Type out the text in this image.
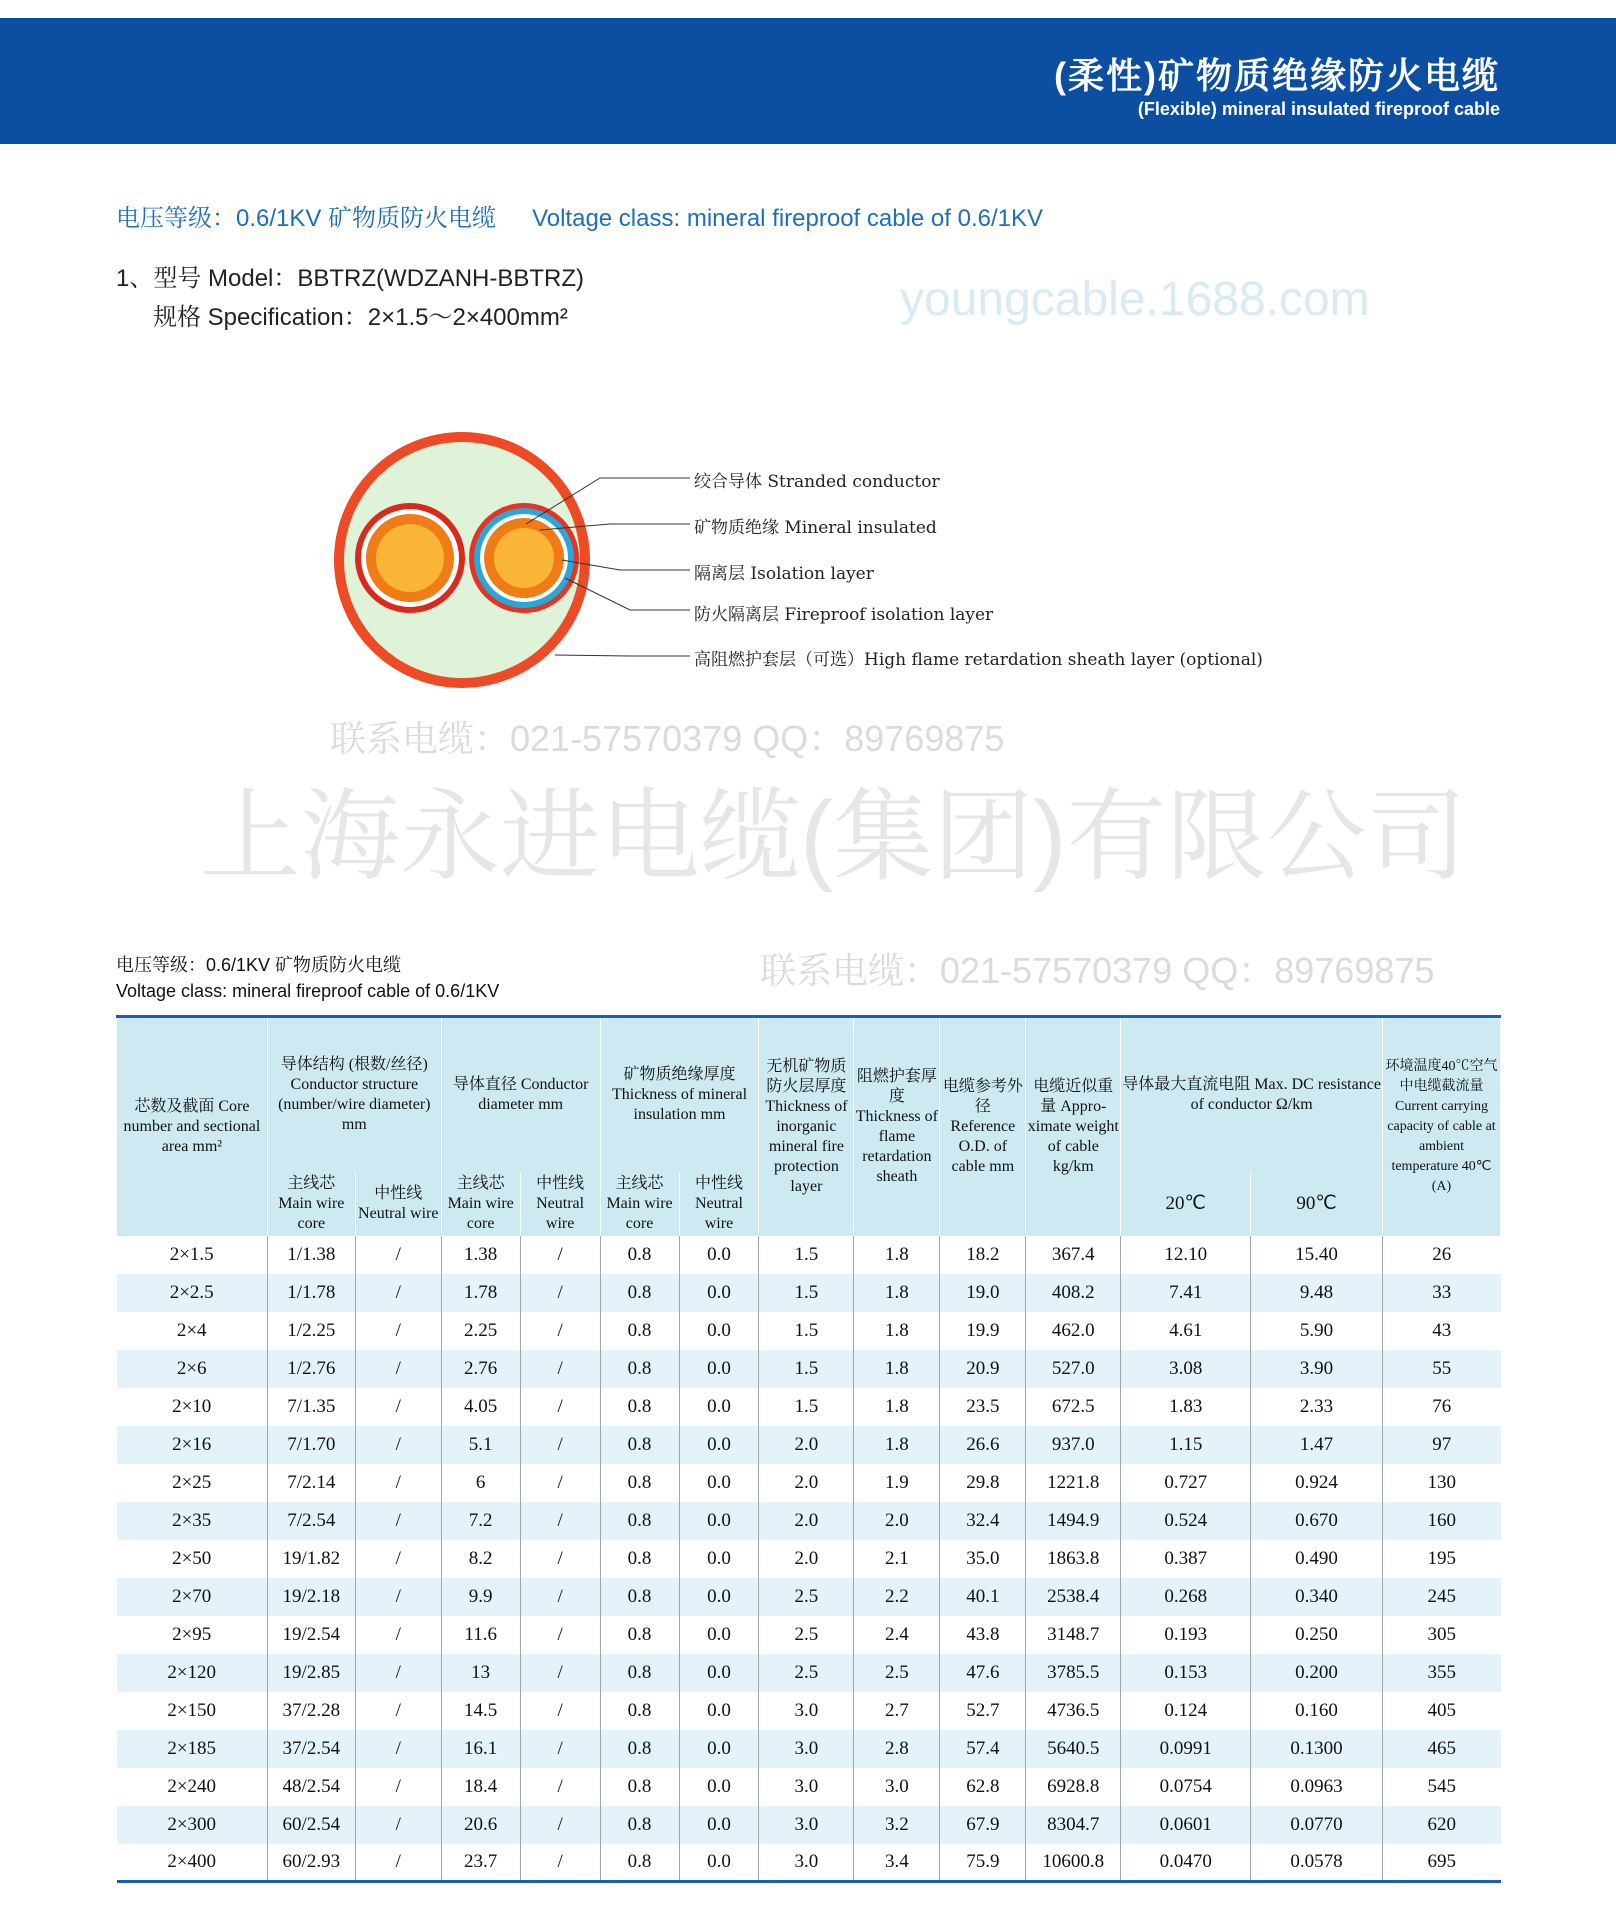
(柔性)矿物质绝缘防火电缆
(Flexible) mineral insulated fireproof cable
电压等级：0.6/1KV 矿物质防火电缆 Voltage class: mineral fireproof cable of 0.6/1KV
1、型号 Model：BBTRZ(WDZANH-BBTRZ)
规格 Specification：2×1.5～2×400mm²
绞合导体 Stranded conductor
矿物质绝缘 Mineral insulated
隔离层 Isolation layer
防火隔离层 Fireproof isolation layer
高阻燃护套层（可选）High flame retardation sheath layer (optional)
电压等级：0.6/1KV 矿物质防火电缆
Voltage class: mineral fireproof cable of 0.6/1KV
芯数及截面 Core number and sectional area mm²	导体结构 (根数/丝径) Conductor structure (number/wire diameter) mm		导体直径 Conductor diameter mm		矿物质绝缘厚度 Thickness of mineral insulation mm		无机矿物质防火层厚度 Thickness of inorganic mineral fire protection layer	阻燃护套厚度 Thickness of flame retardation sheath	电缆参考外径 Reference O.D. of cable mm	电缆近似重量 Appro-ximate weight of cable kg/km	导体最大直流电阻 Max. DC resistance of conductor Ω/km		环境温度40℃空气中电缆截流量 Current carrying capacity of cable at ambient temperature 40℃ (A)
	主线芯 Main wire core	中性线 Neutral wire	主线芯 Main wire core	中性线 Neutral wire	主线芯 Main wire core	中性线 Neutral wire					20℃	90℃	
2×1.5	1/1.38	/	1.38	/	0.8	0.0	1.5	1.8	18.2	367.4	12.10	15.40	26
2×2.5	1/1.78	/	1.78	/	0.8	0.0	1.5	1.8	19.0	408.2	7.41	9.48	33
2×4	1/2.25	/	2.25	/	0.8	0.0	1.5	1.8	19.9	462.0	4.61	5.90	43
2×6	1/2.76	/	2.76	/	0.8	0.0	1.5	1.8	20.9	527.0	3.08	3.90	55
2×10	7/1.35	/	4.05	/	0.8	0.0	1.5	1.8	23.5	672.5	1.83	2.33	76
2×16	7/1.70	/	5.1	/	0.8	0.0	2.0	1.8	26.6	937.0	1.15	1.47	97
2×25	7/2.14	/	6	/	0.8	0.0	2.0	1.9	29.8	1221.8	0.727	0.924	130
2×35	7/2.54	/	7.2	/	0.8	0.0	2.0	2.0	32.4	1494.9	0.524	0.670	160
2×50	19/1.82	/	8.2	/	0.8	0.0	2.0	2.1	35.0	1863.8	0.387	0.490	195
2×70	19/2.18	/	9.9	/	0.8	0.0	2.5	2.2	40.1	2538.4	0.268	0.340	245
2×95	19/2.54	/	11.6	/	0.8	0.0	2.5	2.4	43.8	3148.7	0.193	0.250	305
2×120	19/2.85	/	13	/	0.8	0.0	2.5	2.5	47.6	3785.5	0.153	0.200	355
2×150	37/2.28	/	14.5	/	0.8	0.0	3.0	2.7	52.7	4736.5	0.124	0.160	405
2×185	37/2.54	/	16.1	/	0.8	0.0	3.0	2.8	57.4	5640.5	0.0991	0.1300	465
2×240	48/2.54	/	18.4	/	0.8	0.0	3.0	3.0	62.8	6928.8	0.0754	0.0963	545
2×300	60/2.54	/	20.6	/	0.8	0.0	3.0	3.2	67.9	8304.7	0.0601	0.0770	620
2×400	60/2.93	/	23.7	/	0.8	0.0	3.0	3.4	75.9	10600.8	0.0470	0.0578	695
youngcable.1688.com
联系电缆：021-57570379 QQ：89769875
上海永进电缆(集团)有限公司
联系电缆：021-57570379 QQ：89769875
